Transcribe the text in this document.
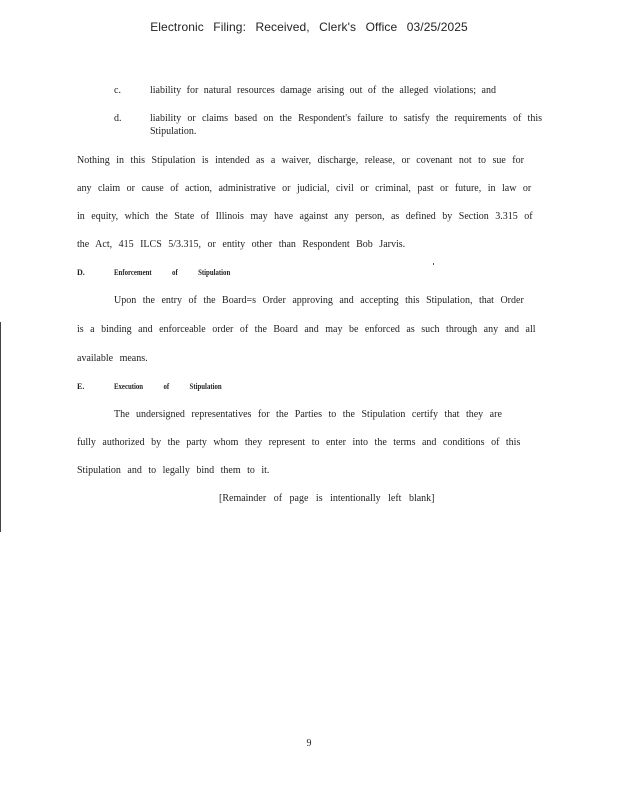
Electronic Filing: Received, Clerk's Office 03/25/2025
c.	liability for natural resources damage arising out of the alleged violations; and
d.	liability or claims based on the Respondent's failure to satisfy the requirements of this Stipulation.
Nothing in this Stipulation is intended as a waiver, discharge, release, or covenant not to sue for
any claim or cause of action, administrative or judicial, civil or criminal, past or future, in law or
in equity, which the State of Illinois may have against any person, as defined by Section 3.315 of
the Act, 415 ILCS 5/3.315, or entity other than Respondent Bob Jarvis.
D.	Enforcement of Stipulation
Upon the entry of the Board=s Order approving and accepting this Stipulation, that Order
is a binding and enforceable order of the Board and may be enforced as such through any and all
available means.
E.	Execution of Stipulation
The undersigned representatives for the Parties to the Stipulation certify that they are
fully authorized by the party whom they represent to enter into the terms and conditions of this
Stipulation and to legally bind them to it.
[Remainder of page is intentionally left blank]
9
